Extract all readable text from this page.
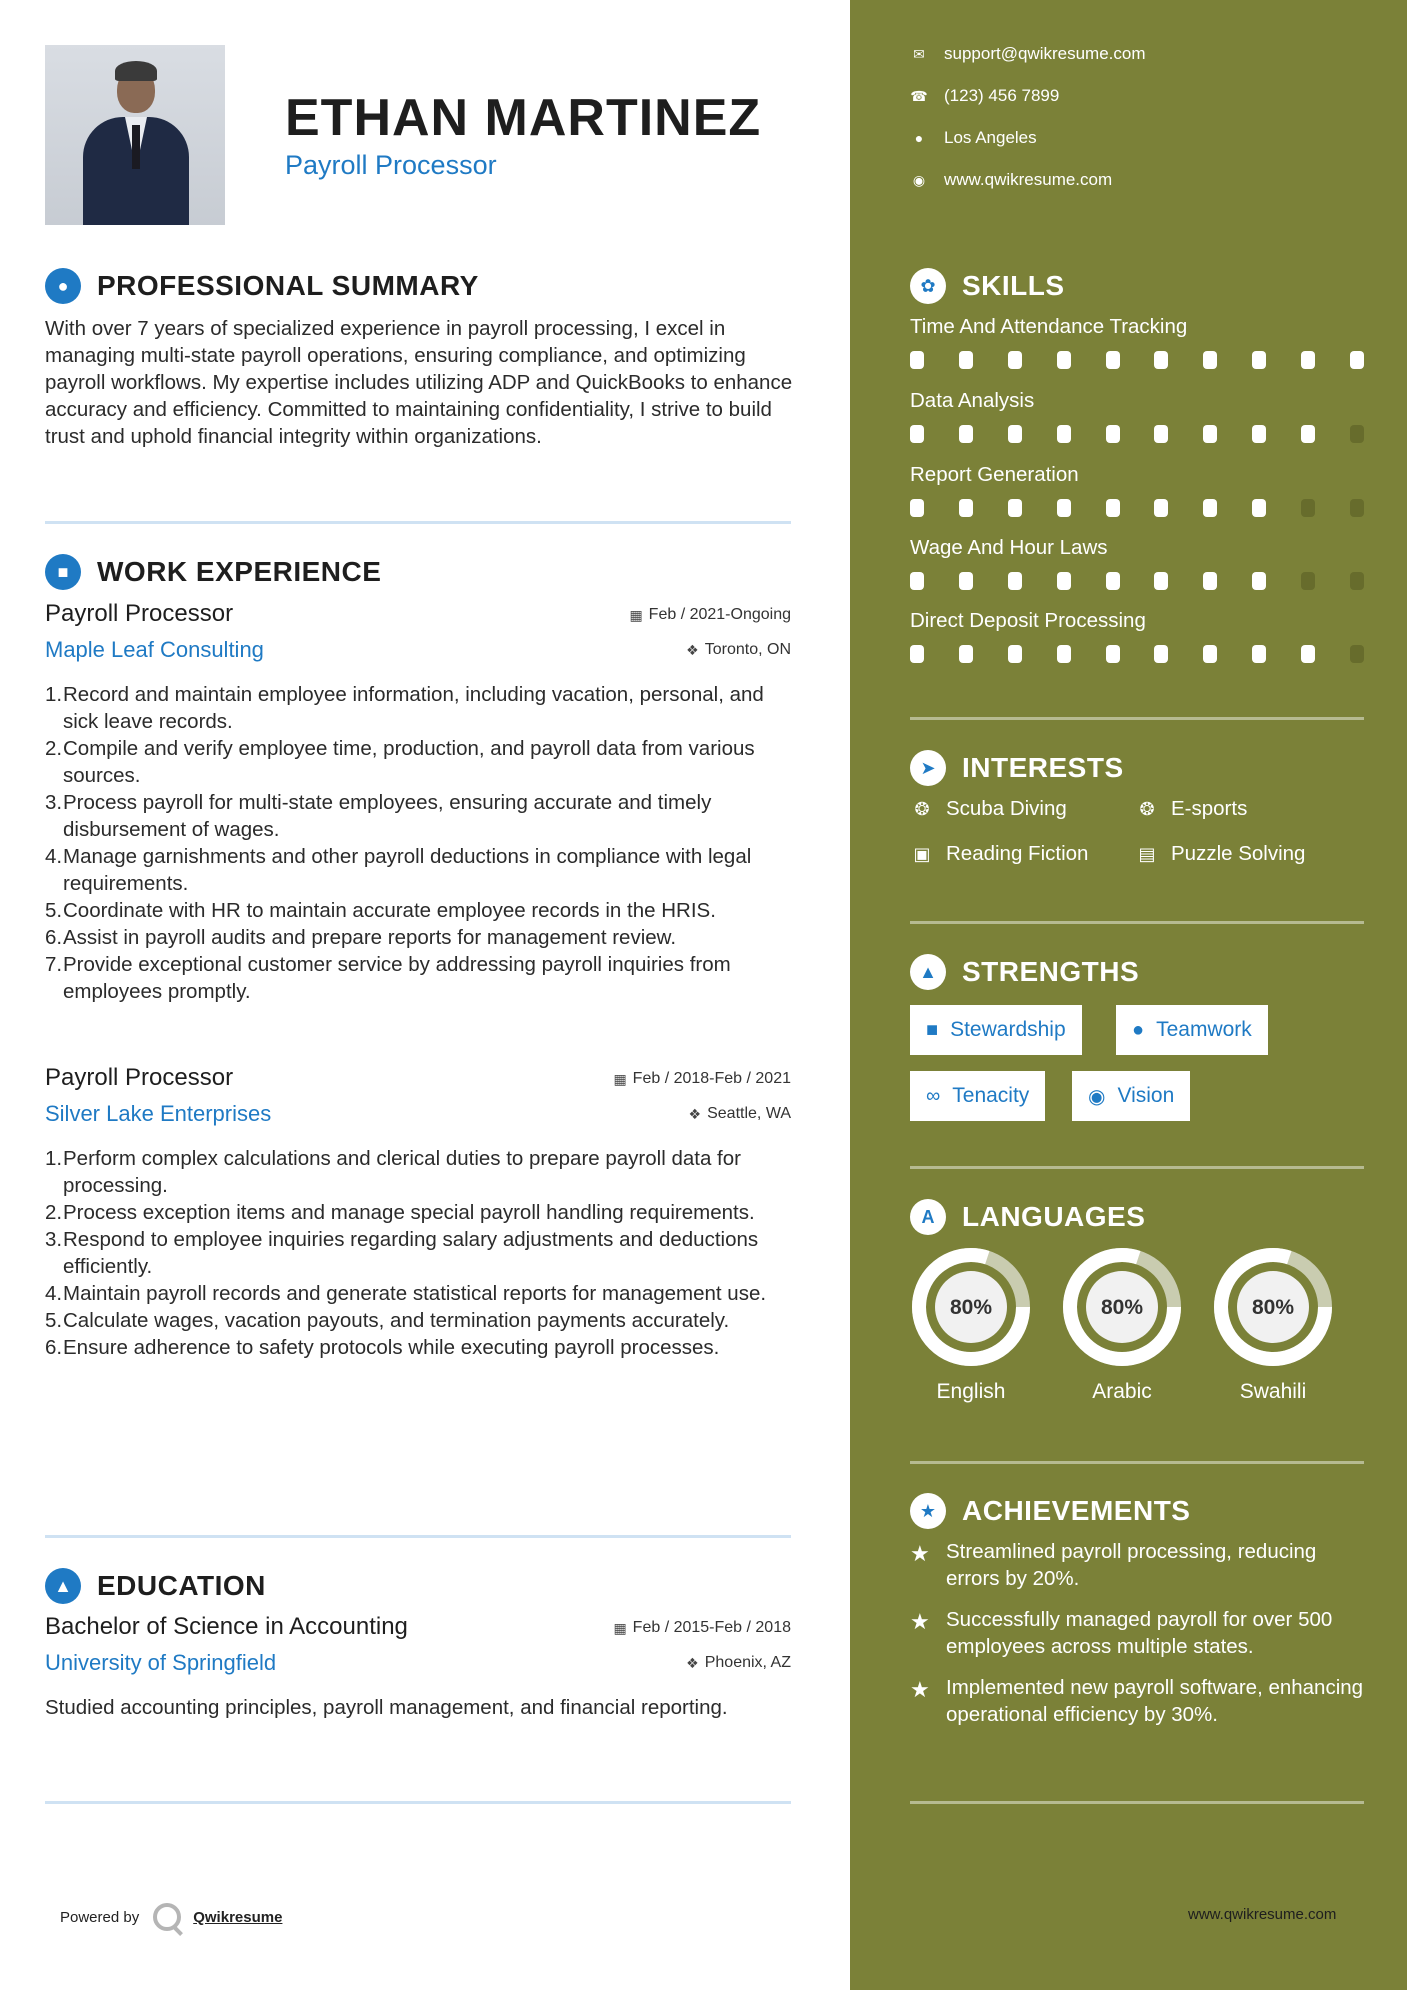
ETHAN MARTINEZ
Payroll Processor
●	PROFESSIONAL SUMMARY
With over 7 years of specialized experience in payroll processing, I excel in managing multi-state payroll operations, ensuring compliance, and optimizing payroll workflows. My expertise includes utilizing ADP and QuickBooks to enhance accuracy and efficiency. Committed to maintaining confidentiality, I strive to build trust and uphold financial integrity within organizations.
■	WORK EXPERIENCE
Payroll Processor	▦ Feb / 2021-Ongoing
Maple Leaf Consulting	❖ Toronto, ON
1. Record and maintain employee information, including vacation, personal, and sick leave records.
2. Compile and verify employee time, production, and payroll data from various sources.
3. Process payroll for multi-state employees, ensuring accurate and timely disbursement of wages.
4. Manage garnishments and other payroll deductions in compliance with legal requirements.
5. Coordinate with HR to maintain accurate employee records in the HRIS.
6. Assist in payroll audits and prepare reports for management review.
7. Provide exceptional customer service by addressing payroll inquiries from employees promptly.
Payroll Processor	▦ Feb / 2018-Feb / 2021
Silver Lake Enterprises	❖ Seattle, WA
1. Perform complex calculations and clerical duties to prepare payroll data for processing.
2. Process exception items and manage special payroll handling requirements.
3. Respond to employee inquiries regarding salary adjustments and deductions efficiently.
4. Maintain payroll records and generate statistical reports for management use.
5. Calculate wages, vacation payouts, and termination payments accurately.
6. Ensure adherence to safety protocols while executing payroll processes.
▲ EDUCATION
Bachelor of Science in Accounting	▦ Feb / 2015-Feb / 2018
University of Springfield	❖ Phoenix, AZ
Studied accounting principles, payroll management, and financial reporting.
Powered by	Qwikresume
✉ support@qwikresume.com
☎ (123) 456 7899
● Los Angeles
◉ www.qwikresume.com
✿ SKILLS
Time And Attendance Tracking
Data Analysis
Report Generation
Wage And Hour Laws
Direct Deposit Processing
➤ INTERESTS
❂ Scuba Diving	❂ E-sports
▣ Reading Fiction	▤ Puzzle Solving
▲ STRENGTHS
■ Stewardship	● Teamwork
∞ Tenacity	◉ Vision
A LANGUAGES
80%
English
80%
Arabic
80%
Swahili
★ ACHIEVEMENTS
★ Streamlined payroll processing, reducing errors by 20%.
★ Successfully managed payroll for over 500 employees across multiple states.
★ Implemented new payroll software, enhancing operational efficiency by 30%.
www.qwikresume.com
